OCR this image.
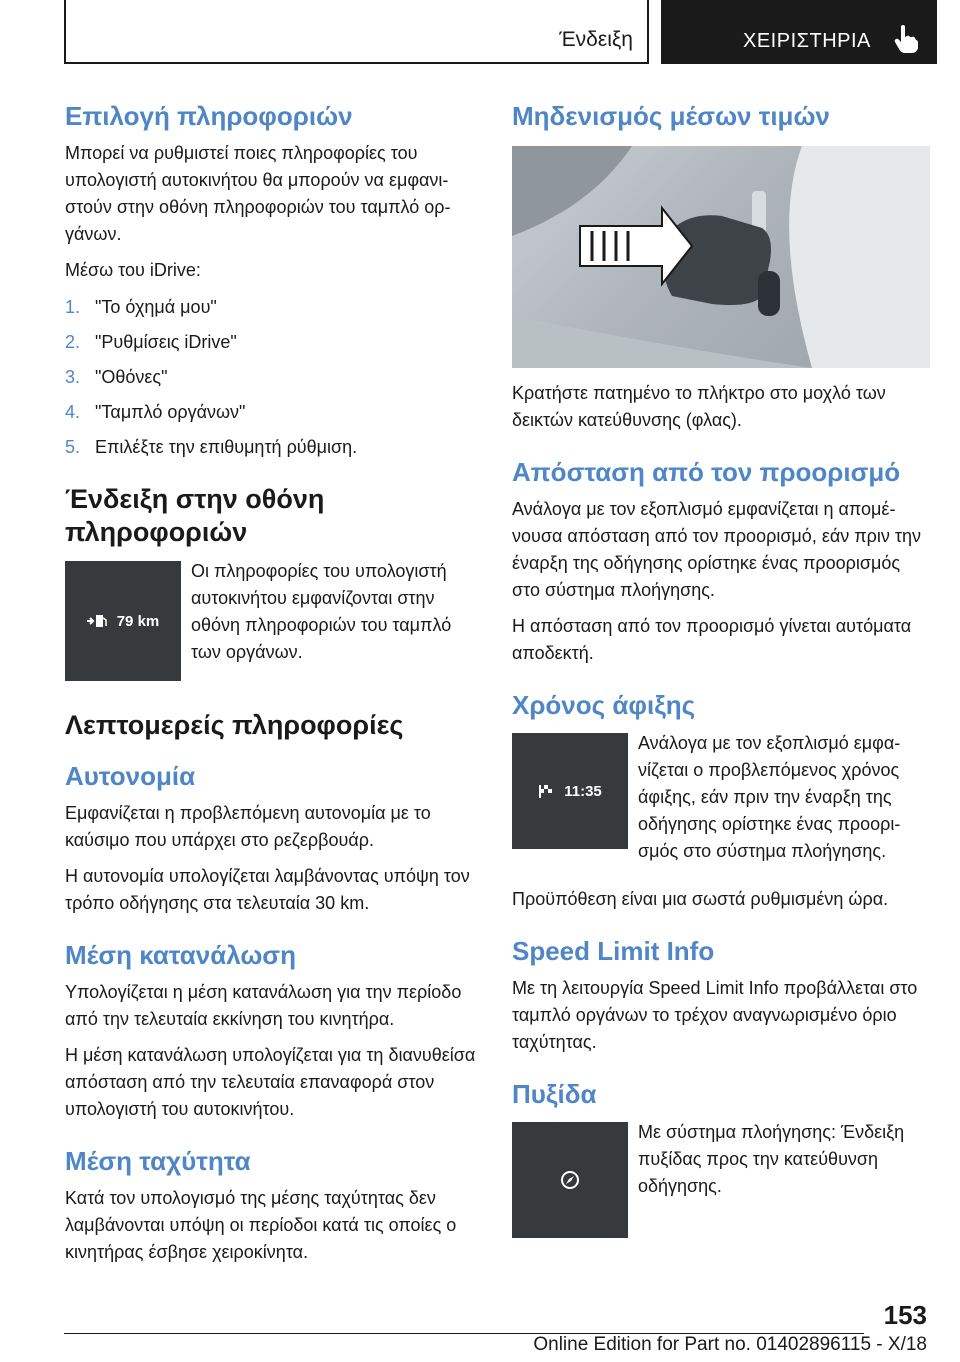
Ένδειξη	ΧΕΙΡΙΣΤΗΡΙΑ
Επιλογή πληροφοριών

Μπορεί να ρυθμιστεί ποιες πληροφορίες του υπολογιστή αυτοκινήτου θα μπορούν να εμφανιστούν στην οθόνη πληροφοριών του ταμπλό οργάνων.

Μέσω του iDrive:

1. "Το όχημά μου"
2. "Ρυθμίσεις iDrive"
3. "Οθόνες"
4. "Ταμπλό οργάνων"
5. Επιλέξτε την επιθυμητή ρύθμιση.
Ένδειξη στην οθόνη πληροφοριών
79 km

Οι πληροφορίες του υπολογιστή αυτοκινήτου εμφανίζονται στην οθόνη πληροφοριών του ταμπλό των οργάνων.

Λεπτομερείς πληροφορίες
Αυτονομία

Εμφανίζεται η προβλεπόμενη αυτονομία με το καύσιμο που υπάρχει στο ρεζερβουάρ.

Η αυτονομία υπολογίζεται λαμβάνοντας υπόψη τον τρόπο οδήγησης στα τελευταία 30 km.

Μέση κατανάλωση

Υπολογίζεται η μέση κατανάλωση για την περίοδο από την τελευταία εκκίνηση του κινητήρα.

Η μέση κατανάλωση υπολογίζεται για τη διανυθείσα απόσταση από την τελευταία επαναφορά στον υπολογιστή του αυτοκινήτου.

Μέση ταχύτητα

Κατά τον υπολογισμό της μέσης ταχύτητας δεν λαμβάνονται υπόψη οι περίοδοι κατά τις οποίες ο κινητήρας έσβησε χειροκίνητα.

Μηδενισμός μέσων τιμών

Κρατήστε πατημένο το πλήκτρο στο μοχλό των δεικτών κατεύθυνσης (φλας).

Απόσταση από τον προορισμό

Ανάλογα με τον εξοπλισμό εμφανίζεται η απομένουσα απόσταση από τον προορισμό, εάν πριν την έναρξη της οδήγησης ορίστηκε ένας προορισμός στο σύστημα πλοήγησης.

Η απόσταση από τον προορισμό γίνεται αυτόματα αποδεκτή.

Χρόνος άφιξης
11:35

Ανάλογα με τον εξοπλισμό εμφανίζεται ο προβλεπόμενος χρόνος άφιξης, εάν πριν την έναρξη της οδήγησης ορίστηκε ένας προορισμός στο σύστημα πλοήγησης.

Προϋπόθεση είναι μια σωστά ρυθμισμένη ώρα.

Speed Limit Info

Με τη λειτουργία Speed Limit Info προβάλλεται στο ταμπλό οργάνων το τρέχον αναγνωρισμένο όριο ταχύτητας.

Πυξίδα

Με σύστημα πλοήγησης: Ένδειξη πυξίδας προς την κατεύθυνση οδήγησης.

153
Online Edition for Part no. 01402896115 - X/18
